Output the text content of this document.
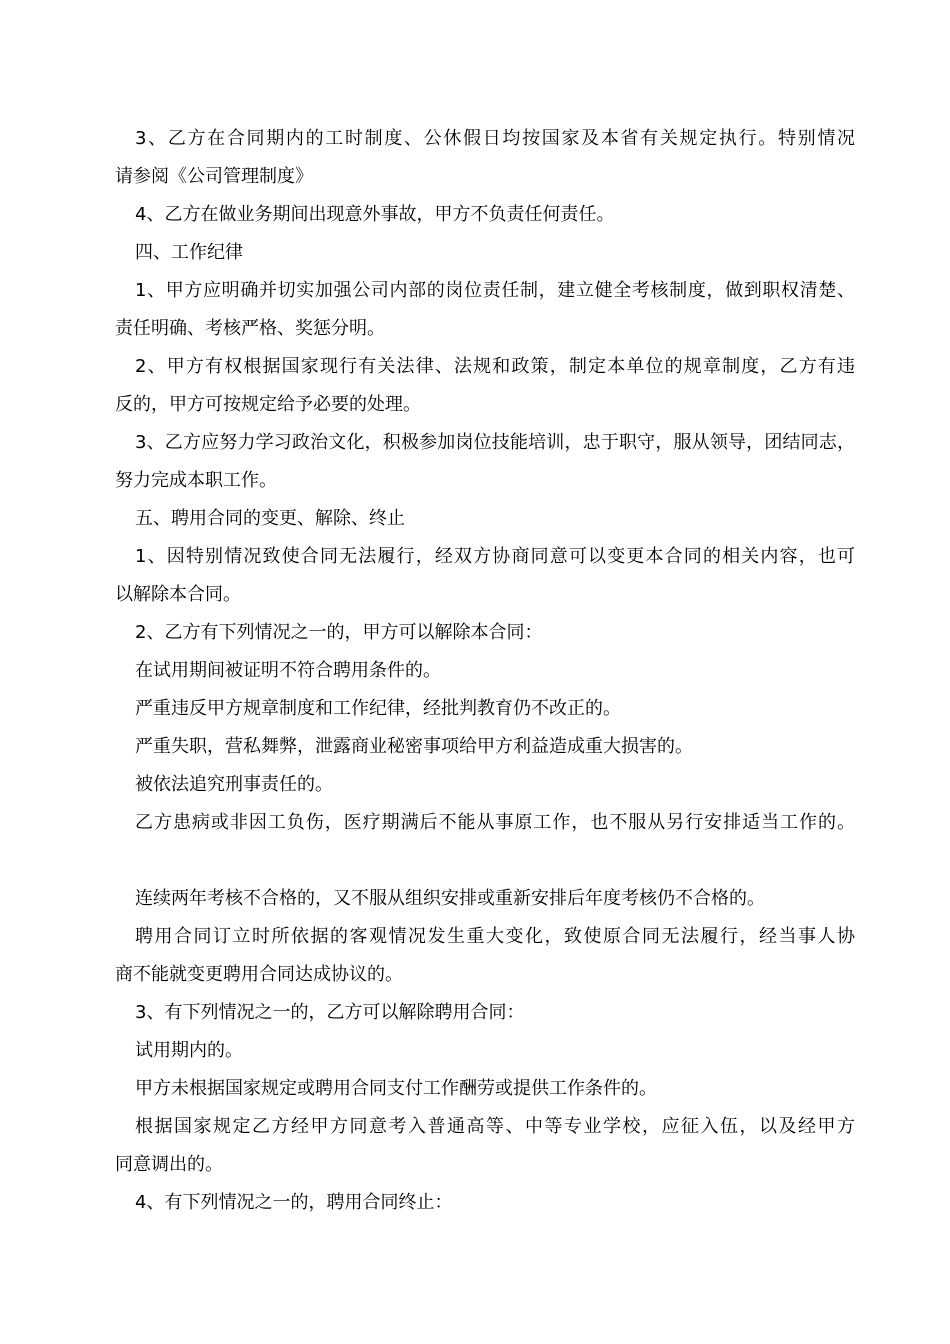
3、乙方在合同期内的工时制度、公休假日均按国家及本省有关规定执行。特别情况
请参阅《公司管理制度》
4、乙方在做业务期间出现意外事故，甲方不负责任何责任。
四、工作纪律
1、甲方应明确并切实加强公司内部的岗位责任制，建立健全考核制度，做到职权清楚、
责任明确、考核严格、奖惩分明。
2、甲方有权根据国家现行有关法律、法规和政策，制定本单位的规章制度，乙方有违
反的，甲方可按规定给予必要的处理。
3、乙方应努力学习政治文化，积极参加岗位技能培训，忠于职守，服从领导，团结同志，
努力完成本职工作。
五、聘用合同的变更、解除、终止
1、因特别情况致使合同无法履行，经双方协商同意可以变更本合同的相关内容，也可
以解除本合同。
2、乙方有下列情况之一的，甲方可以解除本合同：
在试用期间被证明不符合聘用条件的。
严重违反甲方规章制度和工作纪律，经批判教育仍不改正的。
严重失职，营私舞弊，泄露商业秘密事项给甲方利益造成重大损害的。
被依法追究刑事责任的。
乙方患病或非因工负伤，医疗期满后不能从事原工作，也不服从另行安排适当工作的。
连续两年考核不合格的，又不服从组织安排或重新安排后年度考核仍不合格的。
聘用合同订立时所依据的客观情况发生重大变化，致使原合同无法履行，经当事人协
商不能就变更聘用合同达成协议的。
3、有下列情况之一的，乙方可以解除聘用合同：
试用期内的。
甲方未根据国家规定或聘用合同支付工作酬劳或提供工作条件的。
根据国家规定乙方经甲方同意考入普通高等、中等专业学校，应征入伍，以及经甲方
同意调出的。
4、有下列情况之一的，聘用合同终止：
